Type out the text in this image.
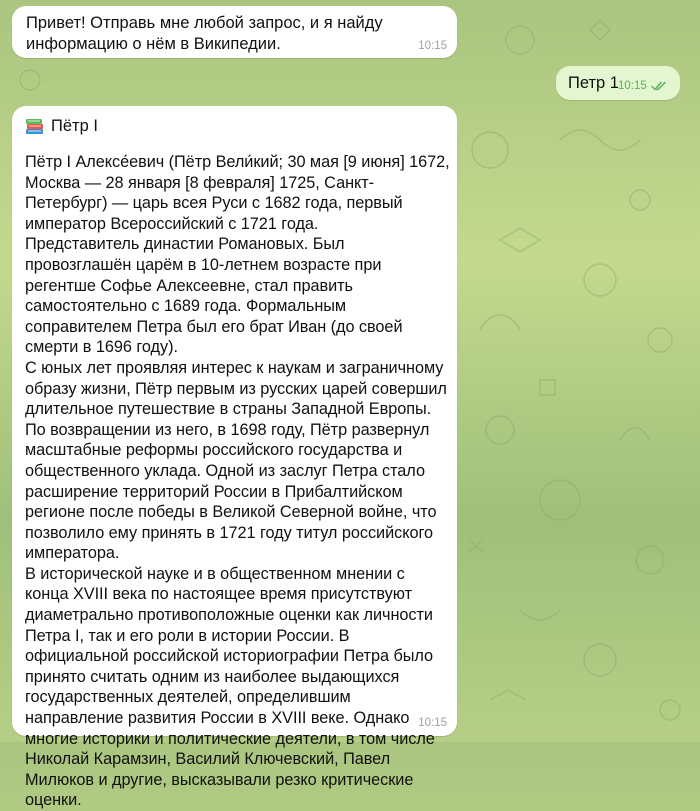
Привет! Отправь мне любой запрос, и я найду информацию о нём в Википедии.	10:15
Петр 1 10:15
Пётр I
Пётр I Алексе́евич (Пётр Вели́кий; 30 мая [9 июня] 1672, Москва — 28 января [8 февраля] 1725, Санкт-Петербург) — царь всея Руси с 1682 года, первый император Всероссийский с 1721 года.
Представитель династии Романовых. Был провозглашён царём в 10-летнем возрасте при регентше Софье Алексеевне, стал править самостоятельно с 1689 года. Формальным соправителем Петра был его брат Иван (до своей смерти в 1696 году).
С юных лет проявляя интерес к наукам и заграничному образу жизни, Пётр первым из русских царей совершил длительное путешествие в страны Западной Европы. По возвращении из него, в 1698 году, Пётр развернул масштабные реформы российского государства и общественного уклада. Одной из заслуг Петра стало расширение территорий России в Прибалтийском регионе после победы в Великой Северной войне, что позволило ему принять в 1721 году титул российского императора.
В исторической науке и в общественном мнении с конца XVIII века по настоящее время присутствуют диаметрально противоположные оценки как личности Петра I, так и его роли в истории России. В официальной российской историографии Петра было принято считать одним из наиболее выдающихся государственных деятелей, определившим направление развития России в XVIII веке. Однако многие историки и политические деятели, в том числе Николай Карамзин, Василий Ключевский, Павел Милюков и другие, высказывали резко критические оценки.
10:15
